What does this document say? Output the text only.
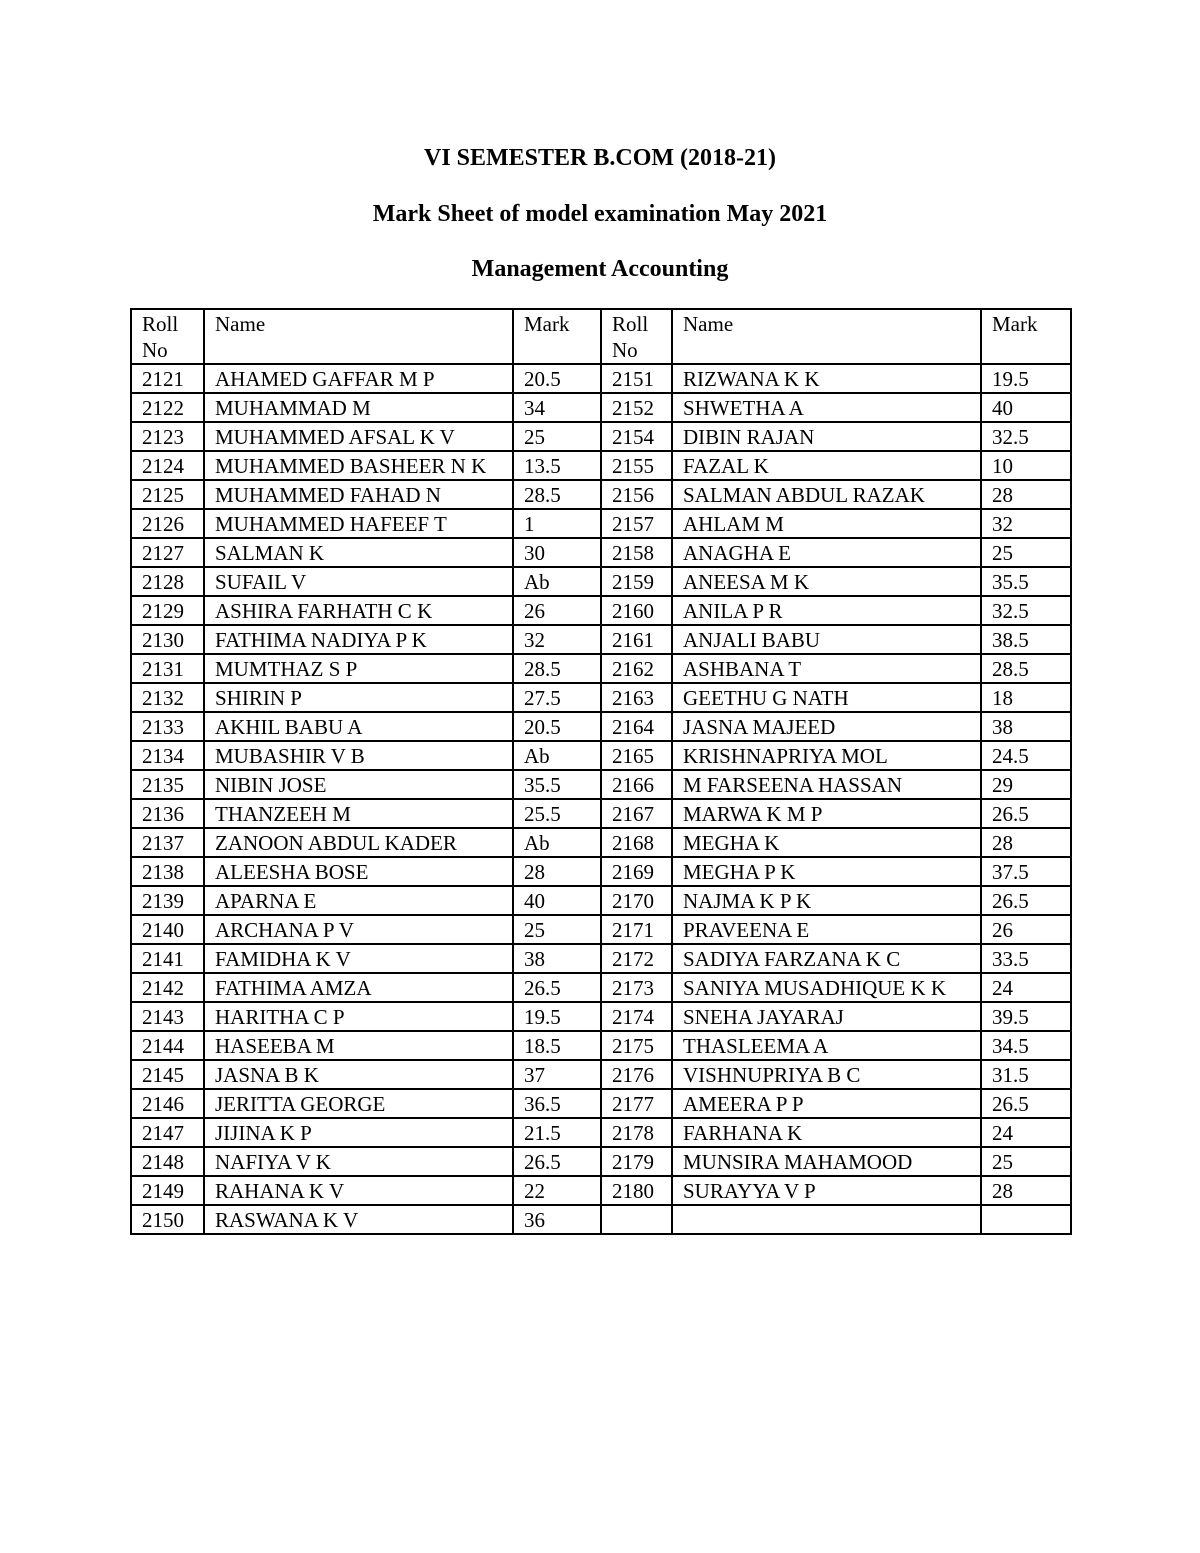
VI SEMESTER B.COM (2018-21)
Mark Sheet of model examination May 2021
Management Accounting
Roll No	Name	Mark	Roll No	Name	Mark
2121	AHAMED GAFFAR M P	20.5	2151	RIZWANA K K	19.5
2122	MUHAMMAD M	34	2152	SHWETHA A	40
2123	MUHAMMED AFSAL K V	25	2154	DIBIN RAJAN	32.5
2124	MUHAMMED BASHEER N K	13.5	2155	FAZAL K	10
2125	MUHAMMED FAHAD N	28.5	2156	SALMAN ABDUL RAZAK	28
2126	MUHAMMED HAFEEF T	1	2157	AHLAM M	32
2127	SALMAN K	30	2158	ANAGHA E	25
2128	SUFAIL V	Ab	2159	ANEESA M K	35.5
2129	ASHIRA FARHATH C K	26	2160	ANILA P R	32.5
2130	FATHIMA NADIYA P K	32	2161	ANJALI BABU	38.5
2131	MUMTHAZ S P	28.5	2162	ASHBANA T	28.5
2132	SHIRIN P	27.5	2163	GEETHU G NATH	18
2133	AKHIL BABU A	20.5	2164	JASNA MAJEED	38
2134	MUBASHIR V B	Ab	2165	KRISHNAPRIYA MOL	24.5
2135	NIBIN JOSE	35.5	2166	M FARSEENA HASSAN	29
2136	THANZEEH M	25.5	2167	MARWA K M P	26.5
2137	ZANOON ABDUL KADER	Ab	2168	MEGHA K	28
2138	ALEESHA BOSE	28	2169	MEGHA P K	37.5
2139	APARNA E	40	2170	NAJMA K P K	26.5
2140	ARCHANA P V	25	2171	PRAVEENA E	26
2141	FAMIDHA K V	38	2172	SADIYA FARZANA K C	33.5
2142	FATHIMA AMZA	26.5	2173	SANIYA MUSADHIQUE K K	24
2143	HARITHA C P	19.5	2174	SNEHA JAYARAJ	39.5
2144	HASEEBA M	18.5	2175	THASLEEMA A	34.5
2145	JASNA B K	37	2176	VISHNUPRIYA B C	31.5
2146	JERITTA GEORGE	36.5	2177	AMEERA P P	26.5
2147	JIJINA K P	21.5	2178	FARHANA K	24
2148	NAFIYA V K	26.5	2179	MUNSIRA MAHAMOOD	25
2149	RAHANA K V	22	2180	SURAYYA V P	28
2150	RASWANA K V	36			
